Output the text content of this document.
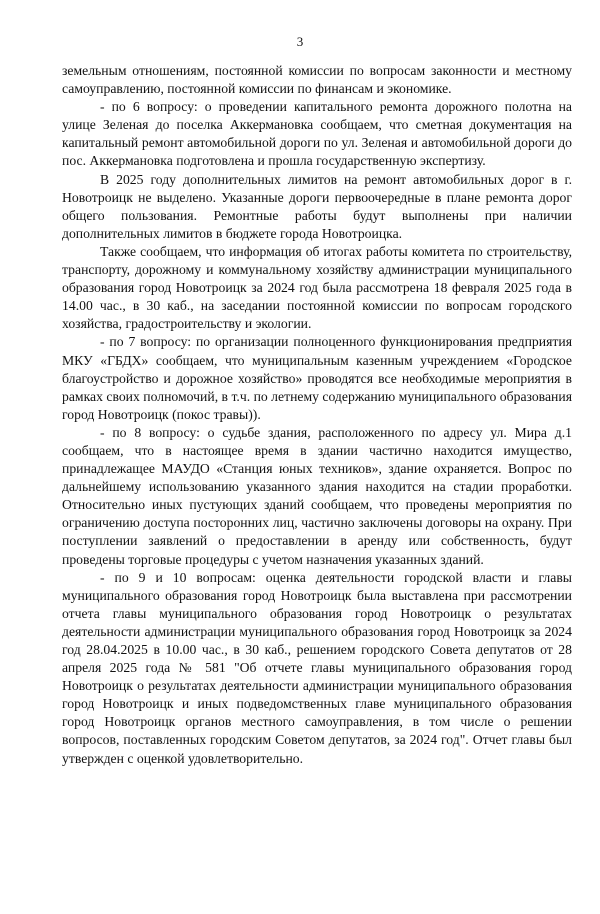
3

земельным отношениям, постоянной комиссии по вопросам законности и местному самоуправлению, постоянной комиссии по финансам и экономике.

- по 6 вопросу: о проведении капитального ремонта дорожного полотна на улице Зеленая до поселка Аккермановка сообщаем, что сметная документация на капитальный ремонт автомобильной дороги по ул. Зеленая и автомобильной дороги до пос. Аккермановка подготовлена и прошла государственную экспертизу.

В 2025 году дополнительных лимитов на ремонт автомобильных дорог в г. Новотроицк не выделено. Указанные дороги первоочередные в плане ремонта дорог общего пользования. Ремонтные работы будут выполнены при наличии дополнительных лимитов в бюджете города Новотроицка.

Также сообщаем, что информация об итогах работы комитета по строительству, транспорту, дорожному и коммунальному хозяйству администрации муниципального образования город Новотроицк за 2024 год была рассмотрена 18 февраля 2025 года в 14.00 час., в 30 каб., на заседании постоянной комиссии по вопросам городского хозяйства, градостроительству и экологии.

- по 7 вопросу: по организации полноценного функционирования предприятия МКУ «ГБДХ» сообщаем, что муниципальным казенным учреждением «Городское благоустройство и дорожное хозяйство» проводятся все необходимые мероприятия в рамках своих полномочий, в т.ч. по летнему содержанию муниципального образования город Новотроицк (покос травы)).

- по 8 вопросу: о судьбе здания, расположенного по адресу ул. Мира д.1 сообщаем, что в настоящее время в здании частично находится имущество, принадлежащее МАУДО «Станция юных техников», здание охраняется. Вопрос по дальнейшему использованию указанного здания находится на стадии проработки. Относительно иных пустующих зданий сообщаем, что проведены мероприятия по ограничению доступа посторонних лиц, частично заключены договоры на охрану. При поступлении заявлений о предоставлении в аренду или собственность, будут проведены торговые процедуры с учетом назначения указанных зданий.

- по 9 и 10 вопросам: оценка деятельности городской власти и главы муниципального образования город Новотроицк была выставлена при рассмотрении отчета главы муниципального образования город Новотроицк о результатах деятельности администрации муниципального образования город Новотроицк за 2024 год 28.04.2025 в 10.00 час., в 30 каб., решением городского Совета депутатов от 28 апреля 2025 года № 581 "Об отчете главы муниципального образования город Новотроицк о результатах деятельности администрации муниципального образования город Новотроицк и иных подведомственных главе муниципального образования город Новотроицк органов местного самоуправления, в том числе о решении вопросов, поставленных городским Советом депутатов, за 2024 год". Отчет главы был утвержден с оценкой удовлетворительно.
